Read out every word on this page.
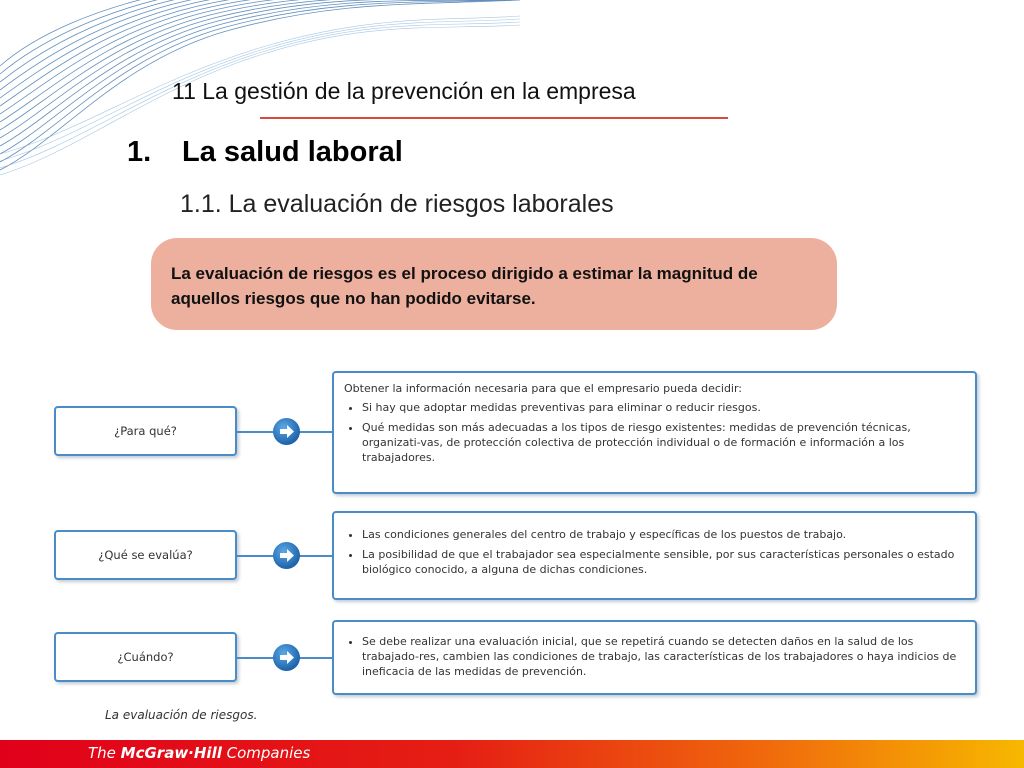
11 La gestión de la prevención en la empresa
1. La salud laboral
1.1. La evaluación de riesgos laborales
La evaluación de riesgos es el proceso dirigido a estimar la magnitud de aquellos riesgos que no han podido evitarse.
¿Para qué?
Obtener la información necesaria para que el empresario pueda decidir:
• Si hay que adoptar medidas preventivas para eliminar o reducir riesgos.
• Qué medidas son más adecuadas a los tipos de riesgo existentes: medidas de prevención técnicas, organizati-vas, de protección colectiva de protección individual o de formación e información a los trabajadores.
¿Qué se evalúa?
• Las condiciones generales del centro de trabajo y específicas de los puestos de trabajo.
• La posibilidad de que el trabajador sea especialmente sensible, por sus características personales o estado biológico conocido, a alguna de dichas condiciones.
¿Cuándo?
• Se debe realizar una evaluación inicial, que se repetirá cuando se detecten daños en la salud de los trabajado-res, cambien las condiciones de trabajo, las características de los trabajadores o haya indicios de ineficacia de las medidas de prevención.
La evaluación de riesgos.
The McGraw·Hill Companies
